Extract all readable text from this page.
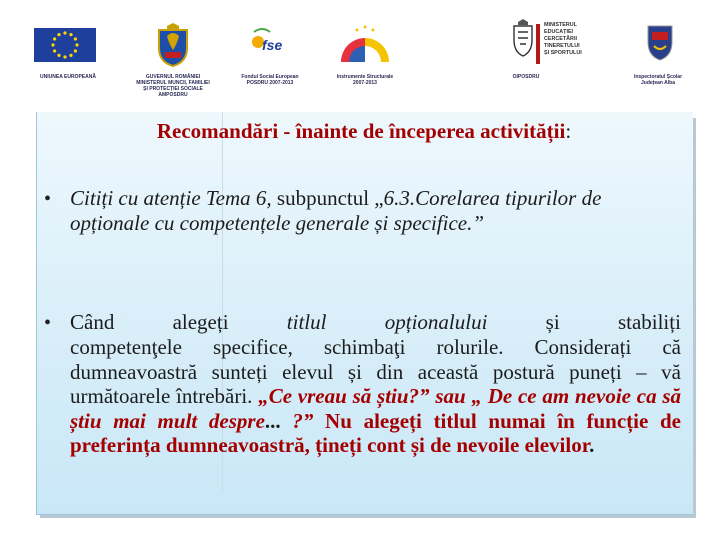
UNIUNEA EUROPEANĂ	GUVERNUL ROMÂNIEI
MINISTERUL MUNCII, FAMILIEI
ȘI PROTECȚIEI SOCIALE
AMPOSDRU
fse
Fondul Social European
POSDRU 2007-2013
Instrumente Structurale
2007-2013
MINISTERUL
EDUCAȚIEI
CERCETĂRII
TINERETULUI
ȘI SPORTULUI
OIPOSDRU	Inspectoratul Școlar
Județean Alba
Recomandări - înainte de începerea activității:
• Citiți cu atenție Tema 6, subpunctul „6.3.Corelarea tipurilor de opționale cu competențele generale și specifice.”
• Când	alegeți	titlul	opționalului	și	stabiliți
competenţele specifice, schimbaţi rolurile. Considerați că dumneavoastră sunteți elevul și din această postură puneți – vă următoarele întrebări. „Ce vreau să știu?” sau „ De ce am nevoie ca să știu mai mult despre... ?” Nu alegeți titlul numai în funcție de preferința dumneavoastră, țineți cont și de nevoile elevilor.
